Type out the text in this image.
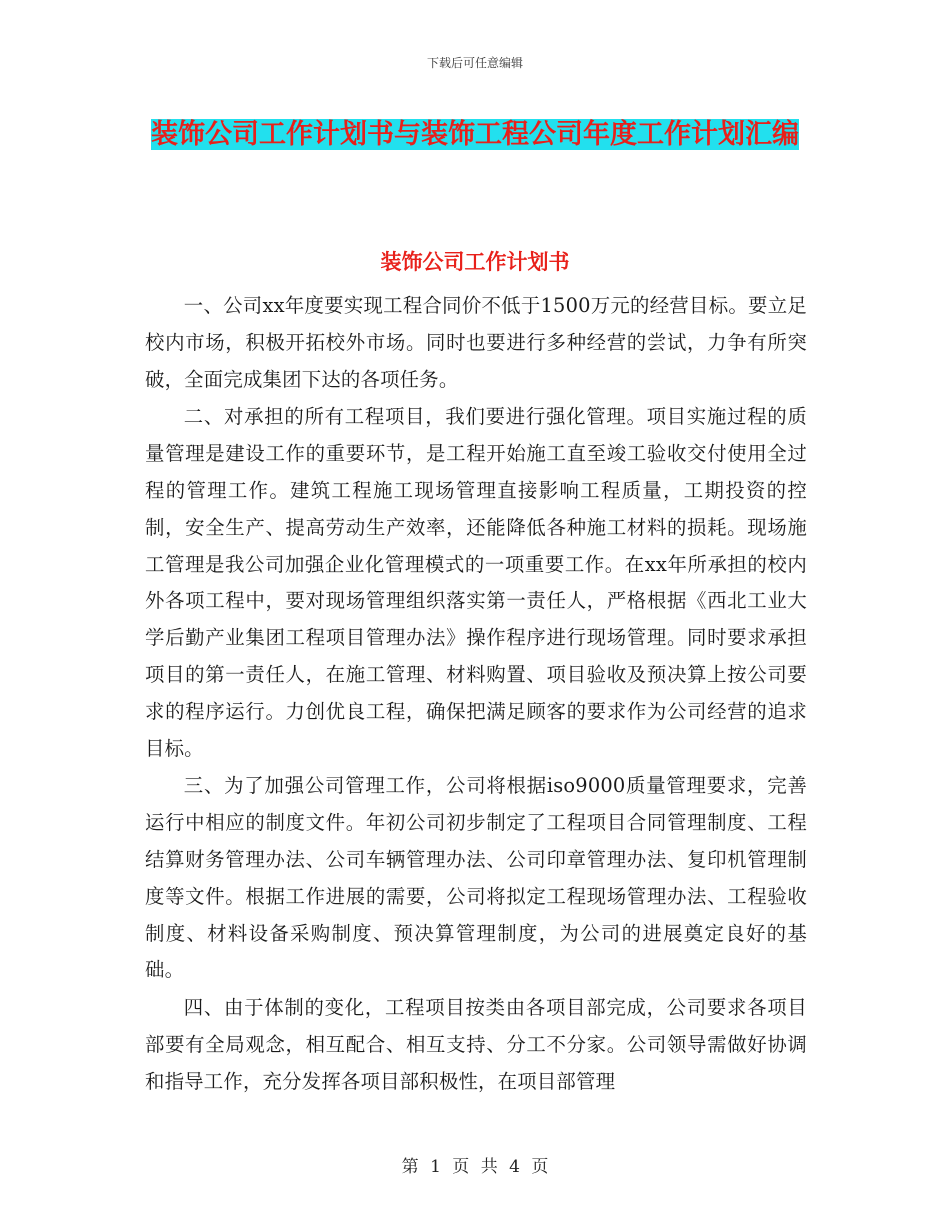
下载后可任意编辑
装饰公司工作计划书与装饰工程公司年度工作计划汇编
装饰公司工作计划书

一、公司xx年度要实现工程合同价不低于1500万元的经营目标。要立足校内市场，积极开拓校外市场。同时也要进行多种经营的尝试，力争有所突破，全面完成集团下达的各项任务。

二、对承担的所有工程项目，我们要进行强化管理。项目实施过程的质量管理是建设工作的重要环节，是工程开始施工直至竣工验收交付使用全过程的管理工作。建筑工程施工现场管理直接影响工程质量，工期投资的控制，安全生产、提高劳动生产效率，还能降低各种施工材料的损耗。现场施工管理是我公司加强企业化管理模式的一项重要工作。在xx年所承担的校内外各项工程中，要对现场管理组织落实第一责任人，严格根据《西北工业大学后勤产业集团工程项目管理办法》操作程序进行现场管理。同时要求承担项目的第一责任人，在施工管理、材料购置、项目验收及预决算上按公司要求的程序运行。力创优良工程，确保把满足顾客的要求作为公司经营的追求目标。

三、为了加强公司管理工作，公司将根据iso9000质量管理要求，完善运行中相应的制度文件。年初公司初步制定了工程项目合同管理制度、工程结算财务管理办法、公司车辆管理办法、公司印章管理办法、复印机管理制度等文件。根据工作进展的需要，公司将拟定工程现场管理办法、工程验收制度、材料设备采购制度、预决算管理制度，为公司的进展奠定良好的基础。

四、由于体制的变化，工程项目按类由各项目部完成，公司要求各项目部要有全局观念，相互配合、相互支持、分工不分家。公司领导需做好协调和指导工作，充分发挥各项目部积极性，在项目部管理

第 1 页 共 4 页
